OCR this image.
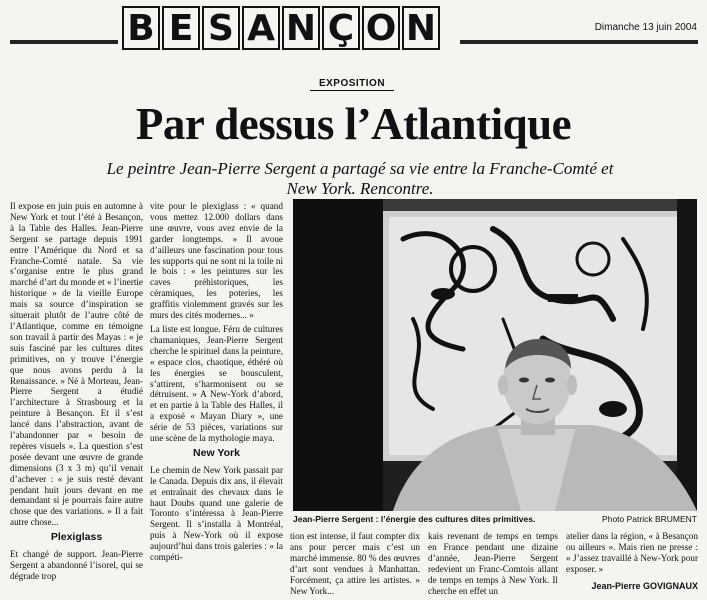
B E S A N Ç O N	Dimanche 13 juin 2004
EXPOSITION
Par dessus l’Atlantique
Le peintre Jean-Pierre Sergent a partagé sa vie entre la Franche-Comté et New York. Rencontre.

Il expose en juin puis en automne à New York et tout l’été à Besançon, à la Table des Halles. Jean-Pierre Sergent se partage depuis 1991 entre l’Amérique du Nord et sa Franche-Comté natale. Sa vie s’organise entre le plus grand marché d’art du monde et « l’inertie historique » de la vieille Europe mais sa source d’inspiration se situerait plutôt de l’autre côté de l’Atlantique, comme en témoigne son travail à partir des Mayas : « je suis fasciné par les cultures dites primitives, on y trouve l’énergie que nous avons perdu à la Renaissance. » Né à Morteau, Jean-Pierre Sergent a étudié l’architecture à Strasbourg et la peinture à Besançon. Et il s’est lancé dans l’abstraction, avant de l’abandonner par « besoin de repères visuels ». La question s’est posée devant une œuvre de grande dimensions (3 x 3 m) qu’il venait d’achever : « je suis resté devant pendant huit jours devant en me demandant si je pourrais faire autre chose que des variations. » Il a fait autre chose...

Plexiglass

Et changé de support. Jean-Pierre Sergent a abandonné l’isorel, qui se dégrade trop

vite pour le plexiglass : « quand vous mettez 12.000 dollars dans une œuvre, vous avez envie de la garder longtemps. » Il avoue d’ailleurs une fascination pour tous les supports qui ne sont ni la toile ni le bois : « les peintures sur les caves préhistoriques, les céramiques, les poteries, les graffitis violemment gravés sur les murs des cités modernes... »

La liste est longue. Féru de cultures chamaniques, Jean-Pierre Sergent cherche le spirituel dans la peinture, « espace clos, chaotique, éthéré où les énergies se bousculent, s’attirent, s’harmonisent ou se détruisent. » A New-York d’abord, et en partie à la Table des Halles, il a exposé « Mayan Diary », une série de 53 pièces, variations sur une scène de la mythologie maya.

New York

Le chemin de New York passait par le Canada. Depuis dix ans, il élevait et entraînait des chevaux dans le haut Doubs quand une galerie de Toronto s’intéressa à Jean-Pierre Sergent. Il s’installa à Montréal, puis à New-York où il expose aujourd’hui dans trois galeries : « la compéti-

Jean-Pierre Sergent : l’énergie des cultures dites primitives.	Photo Patrick BRUMENT

tion est intense, il faut compter dix ans pour percer mais c’est un marché immense. 80 % des œuvres d’art sont vendues à Manhattan. Forcément, ça attire les artistes. » New York...

kais revenant de temps en temps en France pendant une dizaine d’année, Jean-Pierre Sergent redevient un Franc-Comtois allant de temps en temps à New York. Il cherche en effet un

atelier dans la région, « à Besançon ou ailleurs ». Mais rien ne presse : « J’assez travaillé à New-York pour exposer. »

Jean-Pierre GOVIGNAUX
